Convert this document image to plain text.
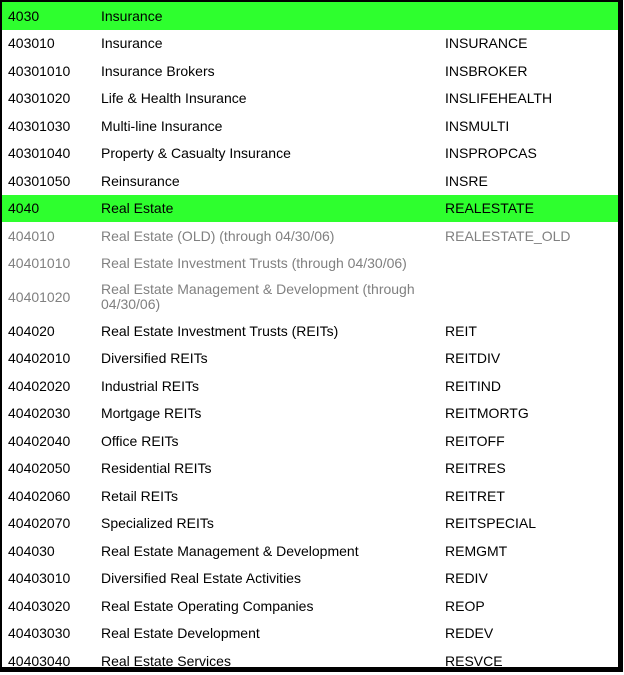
4030	Insurance	
403010	Insurance	INSURANCE
40301010	Insurance Brokers	INSBROKER
40301020	Life & Health Insurance	INSLIFEHEALTH
40301030	Multi-line Insurance	INSMULTI
40301040	Property & Casualty Insurance	INSPROPCAS
40301050	Reinsurance	INSRE
4040	Real Estate	REALESTATE
404010	Real Estate (OLD) (through 04/30/06)	REALESTATE_OLD
40401010	Real Estate Investment Trusts (through 04/30/06)	
40401020	Real Estate Management & Development (through 04/30/06)	
404020	Real Estate Investment Trusts (REITs)	REIT
40402010	Diversified REITs	REITDIV
40402020	Industrial REITs	REITIND
40402030	Mortgage REITs	REITMORTG
40402040	Office REITs	REITOFF
40402050	Residential REITs	REITRES
40402060	Retail REITs	REITRET
40402070	Specialized REITs	REITSPECIAL
404030	Real Estate Management & Development	REMGMT
40403010	Diversified Real Estate Activities	REDIV
40403020	Real Estate Operating Companies	REOP
40403030	Real Estate Development	REDEV
40403040	Real Estate Services	RESVCE
